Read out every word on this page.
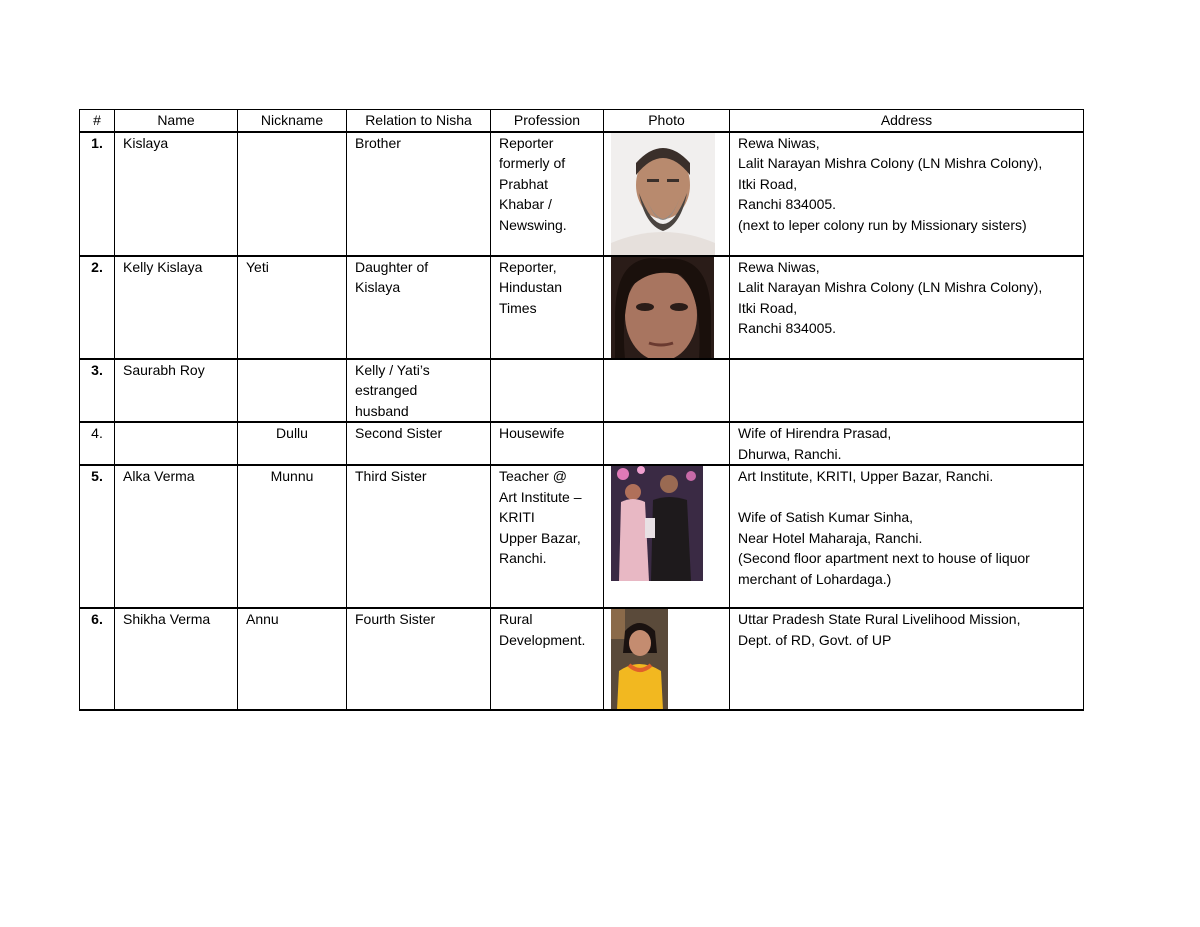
#	Name	Nickname	Relation to Nisha	Profession	Photo	Address
1.	Kislaya		Brother	Reporter
formerly of
Prabhat
Khabar /
Newswing.		Rewa Niwas,
Lalit Narayan Mishra Colony (LN Mishra Colony),
Itki Road,
Ranchi 834005.
(next to leper colony run by Missionary sisters)
2.	Kelly Kislaya	Yeti	Daughter of
Kislaya	Reporter,
Hindustan
Times		Rewa Niwas,
Lalit Narayan Mishra Colony (LN Mishra Colony),
Itki Road,
Ranchi 834005.
3.	Saurabh Roy		Kelly / Yati’s
estranged
husband			
4.		Dullu	Second Sister	Housewife		Wife of Hirendra Prasad,
Dhurwa, Ranchi.
5.	Alka Verma	Munnu	Third Sister	Teacher @
Art Institute –
KRITI
Upper Bazar,
Ranchi.		Art Institute, KRITI, Upper Bazar, Ranchi.

Wife of Satish Kumar Sinha,
Near Hotel Maharaja, Ranchi.
(Second floor apartment next to house of liquor merchant of Lohardaga.)
6.	Shikha Verma	Annu	Fourth Sister	Rural
Development.		Uttar Pradesh State Rural Livelihood Mission,
Dept. of RD, Govt. of UP
